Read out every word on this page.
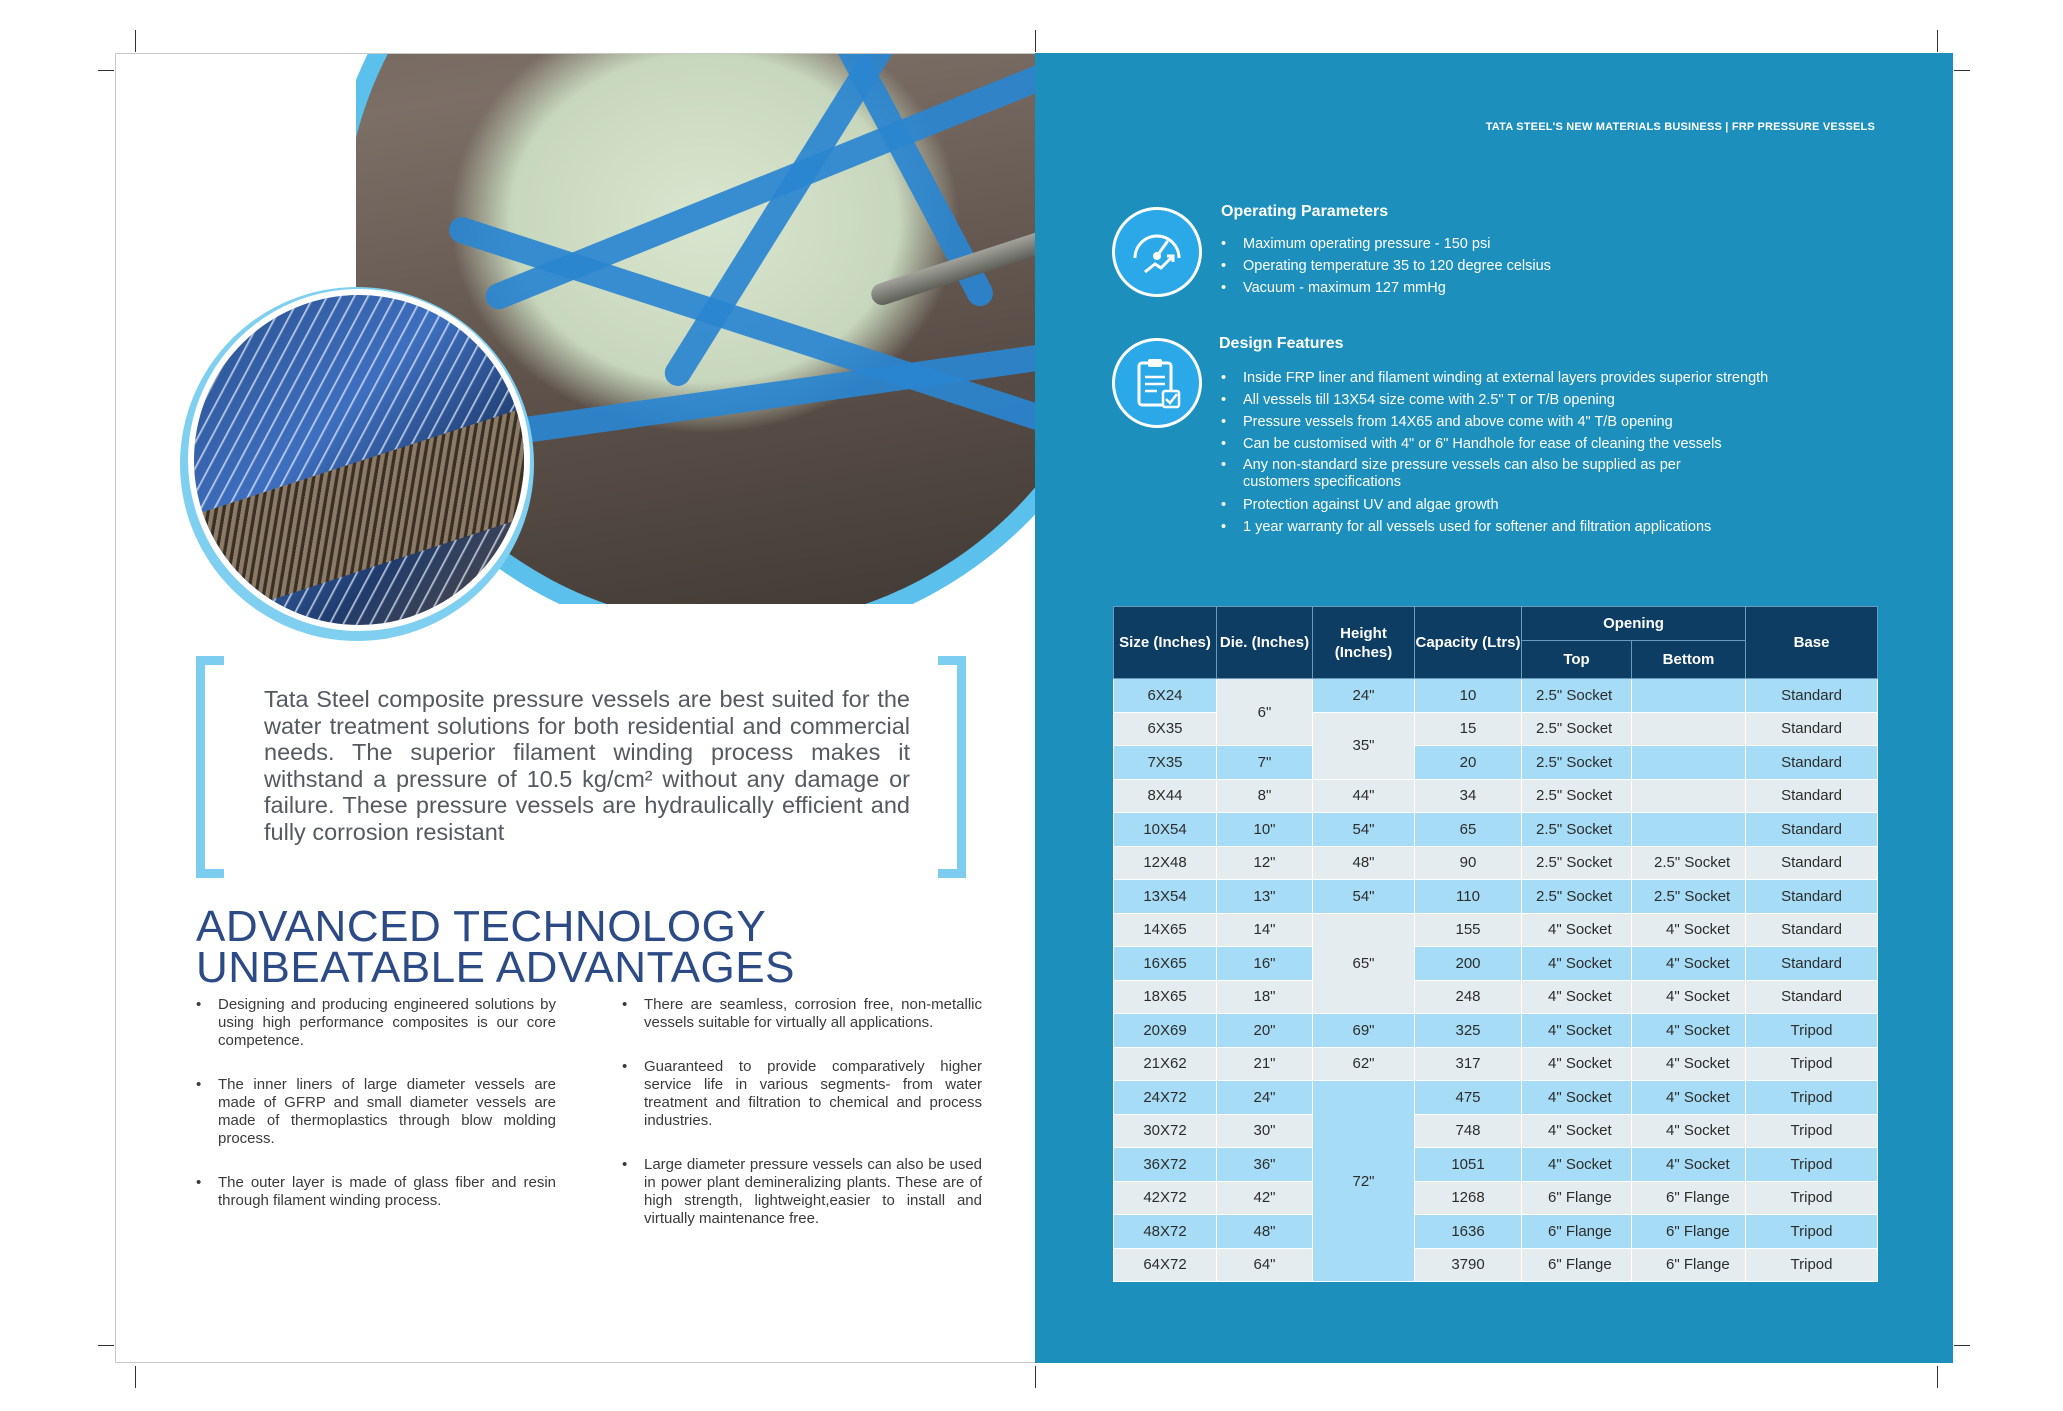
Tata Steel composite pressure vessels are best suited for the water treatment solutions for both residential and commercial needs. The superior filament winding process makes it withstand a pressure of 10.5 kg/cm² without any damage or failure. These pressure vessels are hydraulically efficient and fully corrosion resistant
ADVANCED TECHNOLOGY
UNBEATABLE ADVANTAGES
• Designing and producing engineered solutions by using high performance composites is our core competence.
• The inner liners of large diameter vessels are made of GFRP and small diameter vessels are made of thermoplastics through blow molding process.
• The outer layer is made of glass fiber and resin through filament winding process.
• There are seamless, corrosion free, non-metallic vessels suitable for virtually all applications.
• Guaranteed to provide comparatively higher service life in various segments- from water treatment and filtration to chemical and process industries.
• Large diameter pressure vessels can also be used in power plant demineralizing plants. These are of high strength, lightweight,easier to install and virtually maintenance free.
TATA STEEL'S NEW MATERIALS BUSINESS | FRP PRESSURE VESSELS
Operating Parameters
• Maximum operating pressure - 150 psi
• Operating temperature 35 to 120 degree celsius
• Vacuum - maximum 127 mmHg
Design Features
• Inside FRP liner and filament winding at external layers provides superior strength
• All vessels till 13X54 size come with 2.5" T or T/B opening
• Pressure vessels from 14X65 and above come with 4" T/B opening
• Can be customised with 4" or 6" Handhole for ease of cleaning the vessels
• Any non-standard size pressure vessels can also be supplied as per customers specifications
• Protection against UV and algae growth
• 1 year warranty for all vessels used for softener and filtration applications
Size (Inches)	Die. (Inches)	Height (Inches)	Capacity (Ltrs)	Opening		Base
				Top	Bettom	
6X24	6"	24"	10	2.5" Socket		Standard
6X35		35"	15	2.5" Socket		Standard
7X35	7"		20	2.5" Socket		Standard
8X44	8"	44"	34	2.5" Socket		Standard
10X54	10"	54"	65	2.5" Socket		Standard
12X48	12"	48"	90	2.5" Socket	2.5" Socket	Standard
13X54	13"	54"	110	2.5" Socket	2.5" Socket	Standard
14X65	14"	65"	155	4" Socket	4" Socket	Standard
16X65	16"		200	4" Socket	4" Socket	Standard
18X65	18"		248	4" Socket	4" Socket	Standard
20X69	20"	69"	325	4" Socket	4" Socket	Tripod
21X62	21"	62"	317	4" Socket	4" Socket	Tripod
24X72	24"	72"	475	4" Socket	4" Socket	Tripod
30X72	30"		748	4" Socket	4" Socket	Tripod
36X72	36"		1051	4" Socket	4" Socket	Tripod
42X72	42"		1268	6" Flange	6" Flange	Tripod
48X72	48"		1636	6" Flange	6" Flange	Tripod
64X72	64"		3790	6" Flange	6" Flange	Tripod
